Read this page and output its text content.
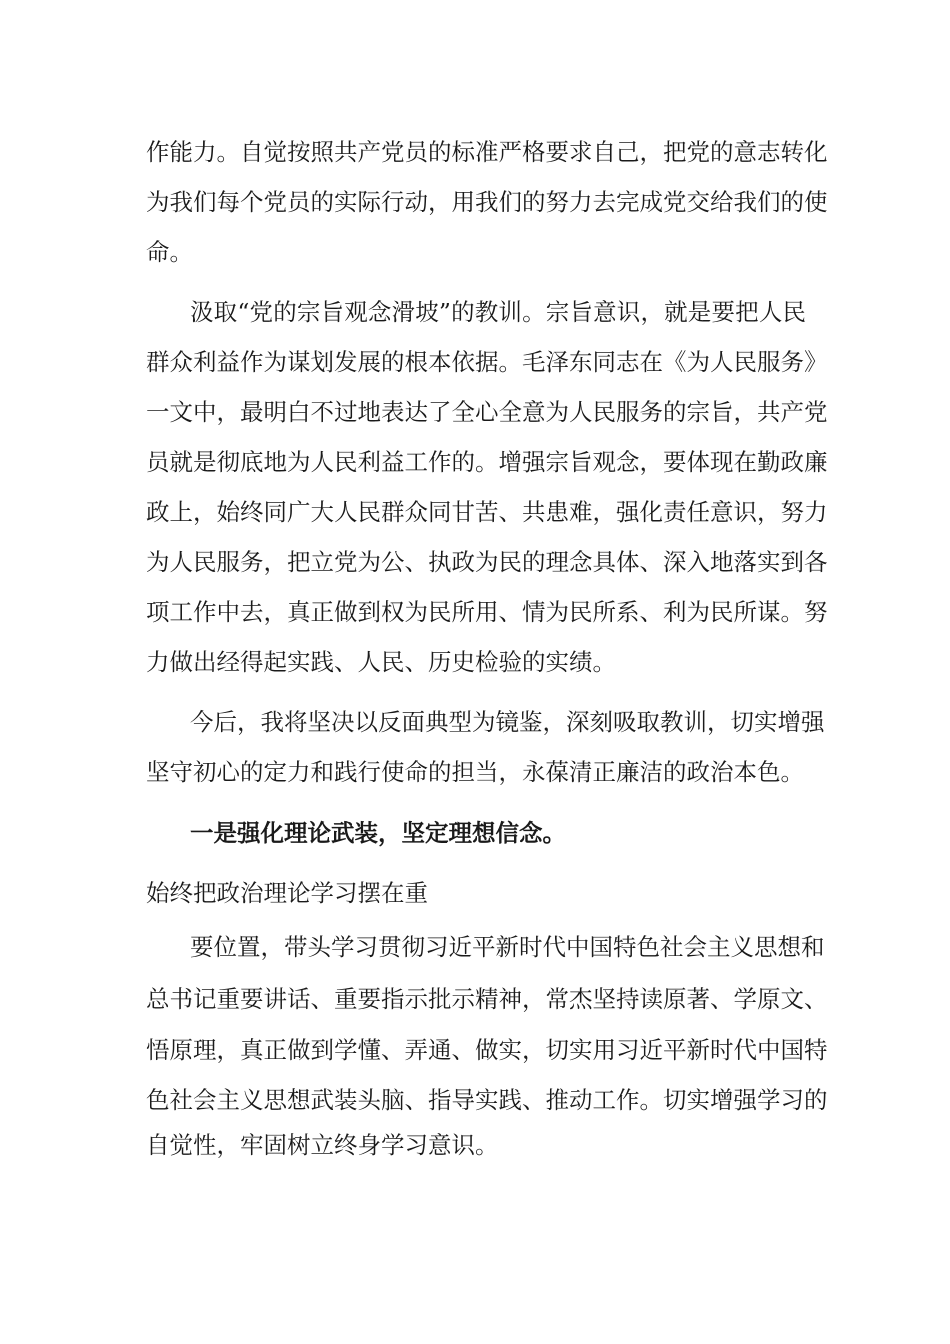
作能力。自觉按照共产党员的标准严格要求自己，把党的意志转化
为我们每个党员的实际行动，用我们的努力去完成党交给我们的使
命。
汲取“党的宗旨观念滑坡”的教训。宗旨意识，就是要把人民
群众利益作为谋划发展的根本依据。毛泽东同志在《为人民服务》
一文中，最明白不过地表达了全心全意为人民服务的宗旨，共产党
员就是彻底地为人民利益工作的。增强宗旨观念，要体现在勤政廉
政上，始终同广大人民群众同甘苦、共患难，强化责任意识，努力
为人民服务，把立党为公、执政为民的理念具体、深入地落实到各
项工作中去，真正做到权为民所用、情为民所系、利为民所谋。努
力做出经得起实践、人民、历史检验的实绩。
今后，我将坚决以反面典型为镜鉴，深刻吸取教训，切实增强
坚守初心的定力和践行使命的担当，永葆清正廉洁的政治本色。
一是强化理论武装，坚定理想信念。
始终把政治理论学习摆在重
要位置，带头学习贯彻习近平新时代中国特色社会主义思想和
总书记重要讲话、重要指示批示精神，常杰坚持读原著、学原文、
悟原理，真正做到学懂、弄通、做实，切实用习近平新时代中国特
色社会主义思想武装头脑、指导实践、推动工作。切实增强学习的
自觉性，牢固树立终身学习意识。
